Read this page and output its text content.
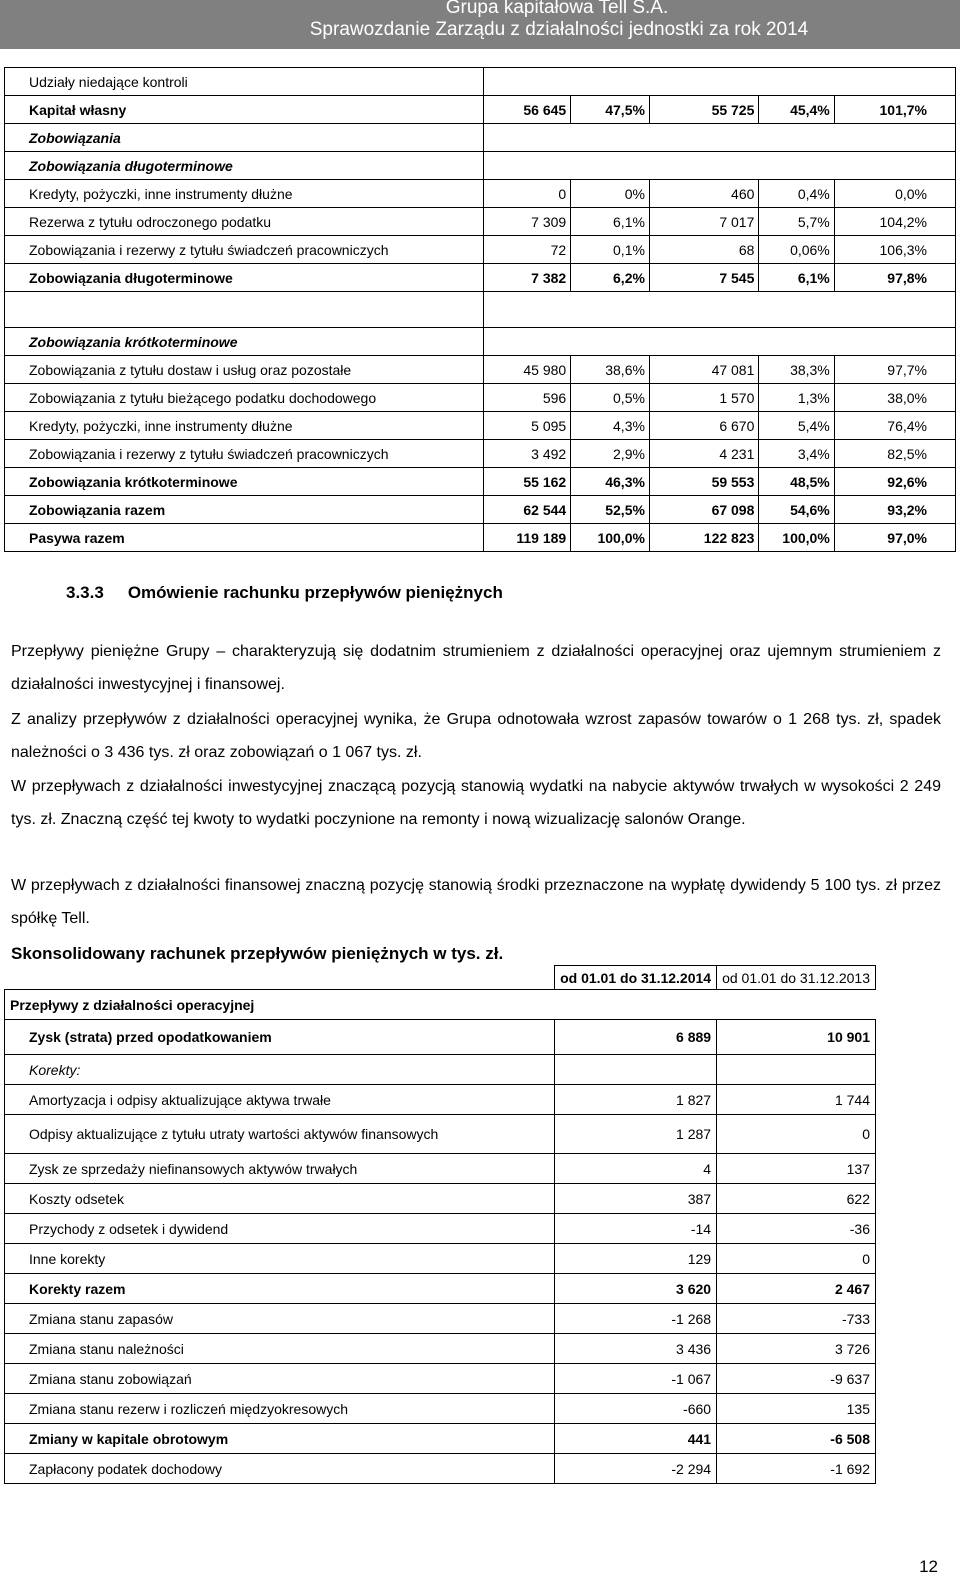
Grupa kapitałowa Tell S.A.
Sprawozdanie Zarządu z działalności jednostki za rok 2014
Udziały niedające kontroli					
Kapitał własny	56 645	47,5%	55 725	45,4%	101,7%
Zobowiązania					
Zobowiązania długoterminowe					
Kredyty, pożyczki, inne instrumenty dłużne	0	0%	460	0,4%	0,0%
Rezerwa z tytułu odroczonego podatku	7 309	6,1%	7 017	5,7%	104,2%
Zobowiązania i rezerwy z tytułu świadczeń pracowniczych	72	0,1%	68	0,06%	106,3%
Zobowiązania długoterminowe	7 382	6,2%	7 545	6,1%	97,8%

Zobowiązania krótkoterminowe					
Zobowiązania z tytułu dostaw i usług oraz pozostałe	45 980	38,6%	47 081	38,3%	97,7%
Zobowiązania z tytułu bieżącego podatku dochodowego	596	0,5%	1 570	1,3%	38,0%
Kredyty, pożyczki, inne instrumenty dłużne	5 095	4,3%	6 670	5,4%	76,4%
Zobowiązania i rezerwy z tytułu świadczeń pracowniczych	3 492	2,9%	4 231	3,4%	82,5%
Zobowiązania krótkoterminowe	55 162	46,3%	59 553	48,5%	92,6%
Zobowiązania razem	62 544	52,5%	67 098	54,6%	93,2%
Pasywa razem	119 189	100,0%	122 823	100,0%	97,0%
3.3.3 Omówienie rachunku przepływów pieniężnych
Przepływy pieniężne Grupy – charakteryzują się dodatnim strumieniem z działalności operacyjnej oraz ujemnym strumieniem z działalności inwestycyjnej i finansowej.
Z analizy przepływów z działalności operacyjnej wynika, że Grupa odnotowała wzrost zapasów towarów o 1 268 tys. zł, spadek należności o 3 436 tys. zł oraz zobowiązań o 1 067 tys. zł.
W przepływach z działalności inwestycyjnej znaczącą pozycją stanowią wydatki na nabycie aktywów trwałych w wysokości 2 249 tys. zł. Znaczną część tej kwoty to wydatki poczynione na remonty i nową wizualizację salonów Orange.
W przepływach z działalności finansowej znaczną pozycję stanowią środki przeznaczone na wypłatę dywidendy 5 100 tys. zł przez spółkę Tell.
Skonsolidowany rachunek przepływów pieniężnych w tys. zł.
	od 01.01 do 31.12.2014	od 01.01 do 31.12.2013
Przepływy z działalności operacyjnej		
Zysk (strata) przed opodatkowaniem	6 889	10 901
Korekty:		
Amortyzacja i odpisy aktualizujące aktywa trwałe	1 827	1 744
Odpisy aktualizujące z tytułu utraty wartości aktywów finansowych	1 287	0
Zysk ze sprzedaży niefinansowych aktywów trwałych	4	137
Koszty odsetek	387	622
Przychody z odsetek i dywidend	-14	-36
Inne korekty	129	0
Korekty razem	3 620	2 467
Zmiana stanu zapasów	-1 268	-733
Zmiana stanu należności	3 436	3 726
Zmiana stanu zobowiązań	-1 067	-9 637
Zmiana stanu rezerw i rozliczeń międzyokresowych	-660	135
Zmiany w kapitale obrotowym	441	-6 508
Zapłacony podatek dochodowy	-2 294	-1 692
12
